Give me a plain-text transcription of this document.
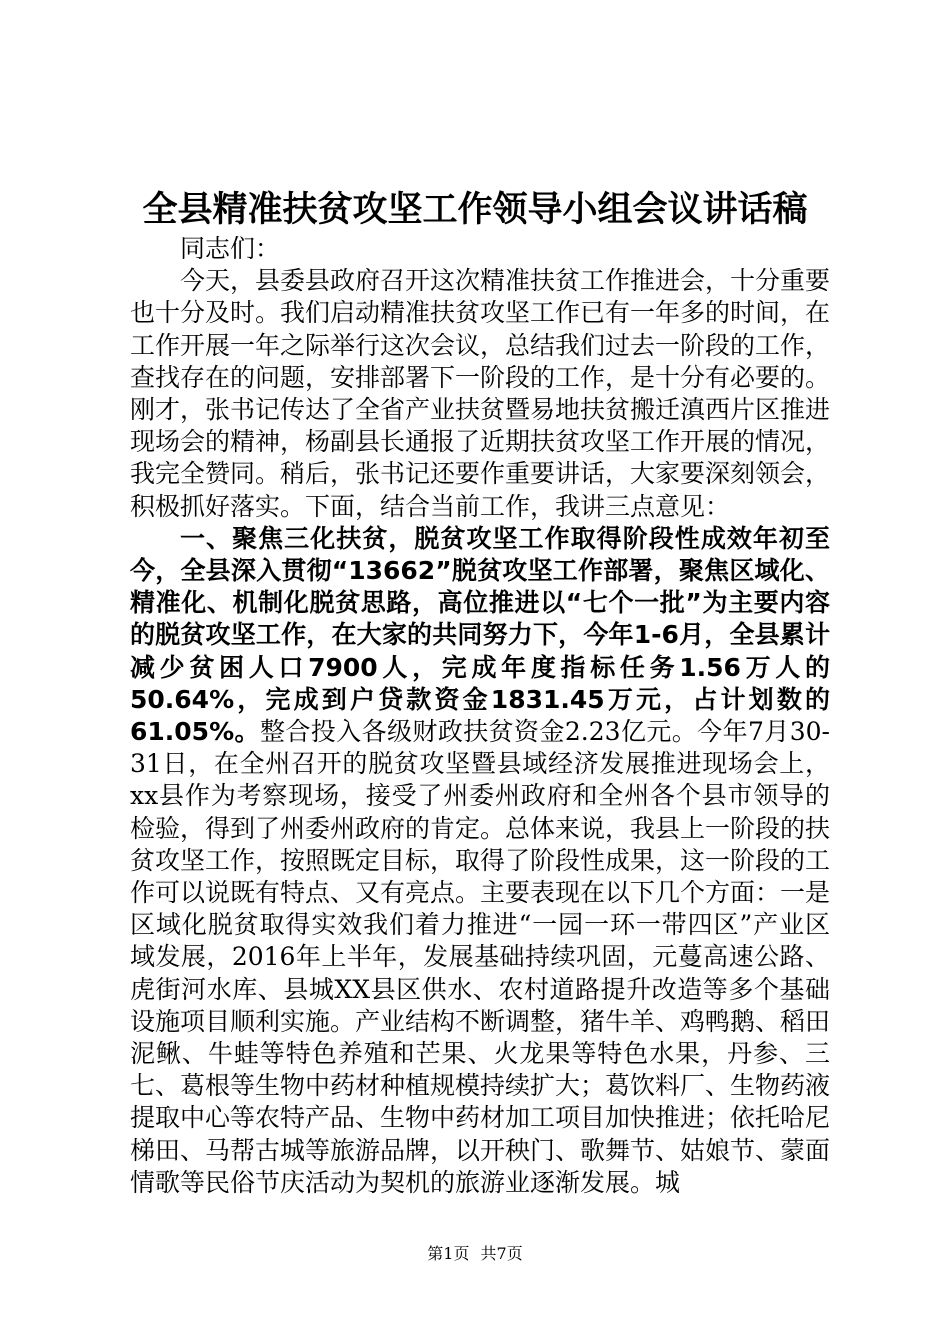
全县精准扶贫攻坚工作领导小组会议讲话稿

同志们：

今天，县委县政府召开这次精准扶贫工作推进会，十分重要也十分及时。我们启动精准扶贫攻坚工作已有一年多的时间，在工作开展一年之际举行这次会议，总结我们过去一阶段的工作，查找存在的问题，安排部署下一阶段的工作，是十分有必要的。刚才，张书记传达了全省产业扶贫暨易地扶贫搬迁滇西片区推进现场会的精神，杨副县长通报了近期扶贫攻坚工作开展的情况，我完全赞同。稍后，张书记还要作重要讲话，大家要深刻领会，积极抓好落实。下面，结合当前工作，我讲三点意见：

一、聚焦三化扶贫，脱贫攻坚工作取得阶段性成效年初至今，全县深入贯彻“13662”脱贫攻坚工作部署，聚焦区域化、精准化、机制化脱贫思路，高位推进以“七个一批”为主要内容的脱贫攻坚工作，在大家的共同努力下，今年1-6月，全县累计减少贫困人口7900人，完成年度指标任务1.56万人的50.64%，完成到户贷款资金1831.45万元，占计划数的61.05%。整合投入各级财政扶贫资金2.23亿元。今年7月30-31日，在全州召开的脱贫攻坚暨县域经济发展推进现场会上，xx县作为考察现场，接受了州委州政府和全州各个县市领导的检验，得到了州委州政府的肯定。总体来说，我县上一阶段的扶贫攻坚工作，按照既定目标，取得了阶段性成果，这一阶段的工作可以说既有特点、又有亮点。主要表现在以下几个方面：一是区域化脱贫取得实效我们着力推进“一园一环一带四区”产业区域发展，2016年上半年，发展基础持续巩固，元蔓高速公路、虎街河水库、县城XX县区供水、农村道路提升改造等多个基础设施项目顺利实施。产业结构不断调整，猪牛羊、鸡鸭鹅、稻田泥鳅、牛蛙等特色养殖和芒果、火龙果等特色水果，丹参、三七、葛根等生物中药材种植规模持续扩大；葛饮料厂、生物药液提取中心等农特产品、生物中药材加工项目加快推进；依托哈尼梯田、马帮古城等旅游品牌，以开秧门、歌舞节、姑娘节、蒙面情歌等民俗节庆活动为契机的旅游业逐渐发展。城

第1页 共7页
